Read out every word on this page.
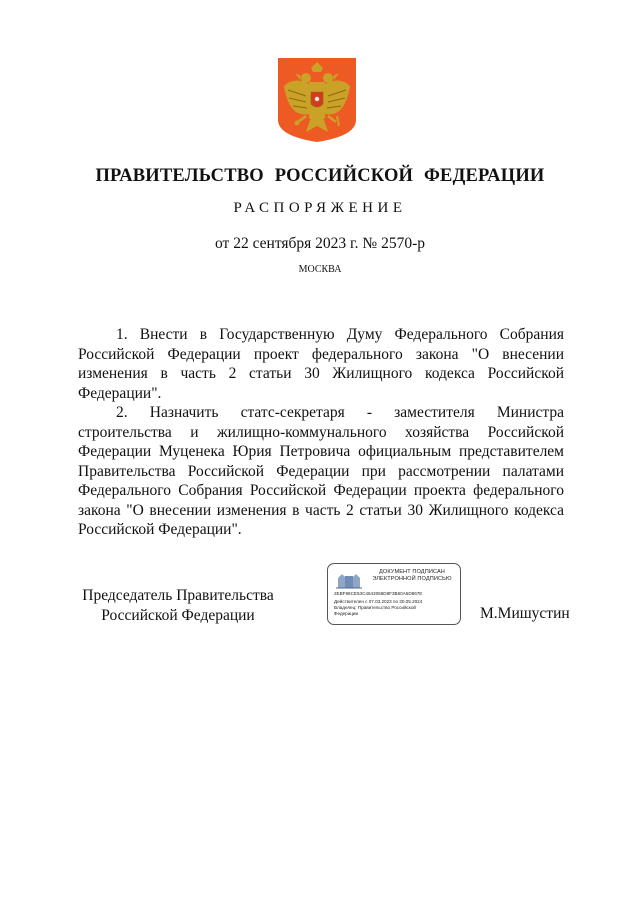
ПРАВИТЕЛЬСТВО РОССИЙСКОЙ ФЕДЕРАЦИИ
РАСПОРЯЖЕНИЕ
от 22 сентября 2023 г. № 2570-р
МОСКВА

1. Внести в Государственную Думу Федерального Собрания Российской Федерации проект федерального закона "О внесении изменения в часть 2 статьи 30 Жилищного кодекса Российской Федерации".

2. Назначить статс-секретаря - заместителя Министра строительства и жилищно-коммунального хозяйства Российской Федерации Муценека Юрия Петровича официальным представителем Правительства Российской Федерации при рассмотрении палатами Федерального Собрания Российской Федерации проекта федерального закона "О внесении изменения в часть 2 статьи 30 Жилищного кодекса Российской Федерации".

Председатель Правительства
Российской Федерации
ДОКУМЕНТ ПОДПИСАН
ЭЛЕКТРОННОЙ ПОДПИСЬЮ
2EBF86CE53C4642066D8F3B60A5D867E
Действителен с 07.03.2023 по 30.05.2024
Владелец: Правительство Российской
Федерации	М.Мишустин
